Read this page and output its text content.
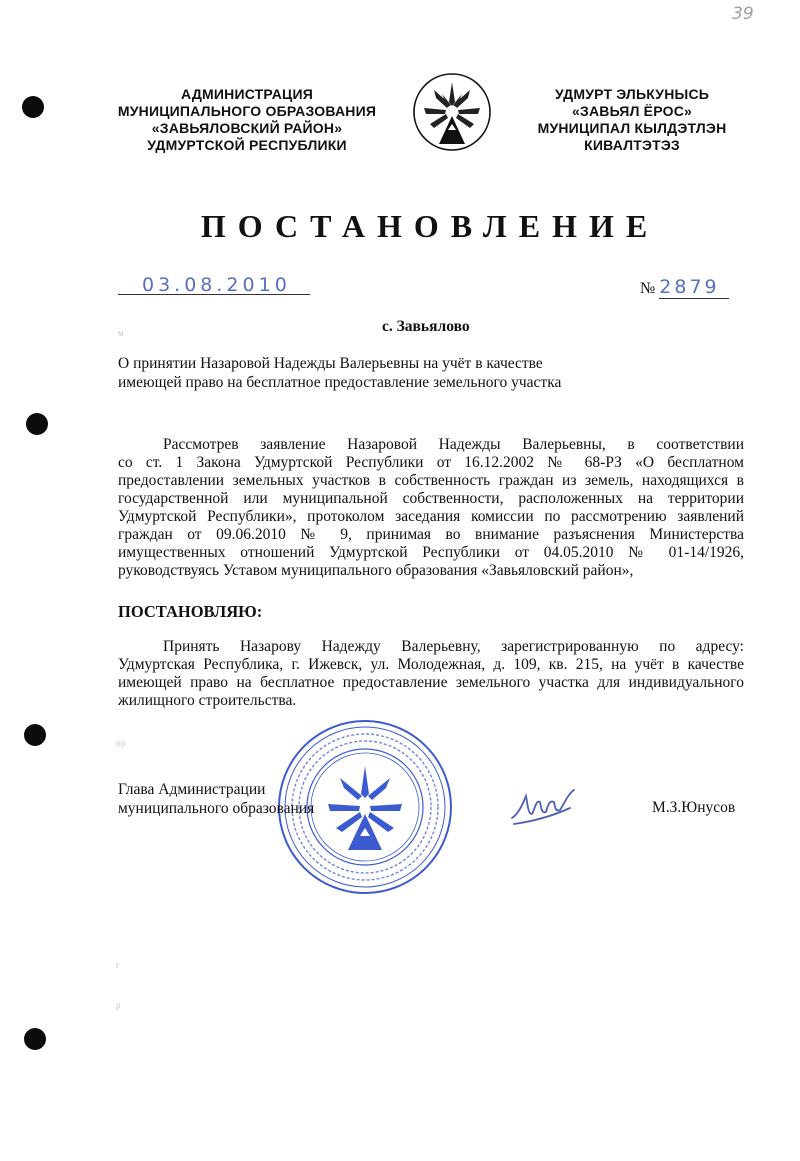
39
м
АДМИНИСТРАЦИЯ
МУНИЦИПАЛЬНОГО ОБРАЗОВАНИЯ
«ЗАВЬЯЛОВСКИЙ РАЙОН»
УДМУРТСКОЙ РЕСПУБЛИКИ
УДМУРТ ЭЛЬКУНЫСЬ
«ЗАВЬЯЛ ЁРОС»
МУНИЦИПАЛ КЫЛДЭТЛЭН
КИВАЛТЭТЭЗ
ПОСТАНОВЛЕНИЕ
03.08.2010	№ 2879
с. Завьялово
О принятии Назаровой Надежды Валерьевны на учёт в качестве
имеющей право на бесплатное предоставление земельного участка
Рассмотрев заявление Назаровой Надежды Валерьевны, в соответствии
со ст. 1 Закона Удмуртской Республики от 16.12.2002 № 68-РЗ «О бесплатном
предоставлении земельных участков в собственность граждан из земель, находящихся в
государственной или муниципальной собственности, расположенных на территории
Удмуртской Республики», протоколом заседания комиссии по рассмотрению заявлений
граждан от 09.06.2010 № 9, принимая во внимание разъяснения Министерства
имущественных отношений Удмуртской Республики от 04.05.2010 № 01-14/1926,
руководствуясь Уставом муниципального образования «Завьяловский район»,
ПОСТАНОВЛЯЮ:
Принять Назарову Надежду Валерьевну, зарегистрированную по адресу:
Удмуртская Республика, г. Ижевск, ул. Молодежная, д. 109, кв. 215, на учёт в качестве
имеющей право на бесплатное предоставление земельного участка для индивидуального
жилищного строительства.
Глава Администрации
муниципального образования	М.З.Юнусов
пр
г
р
